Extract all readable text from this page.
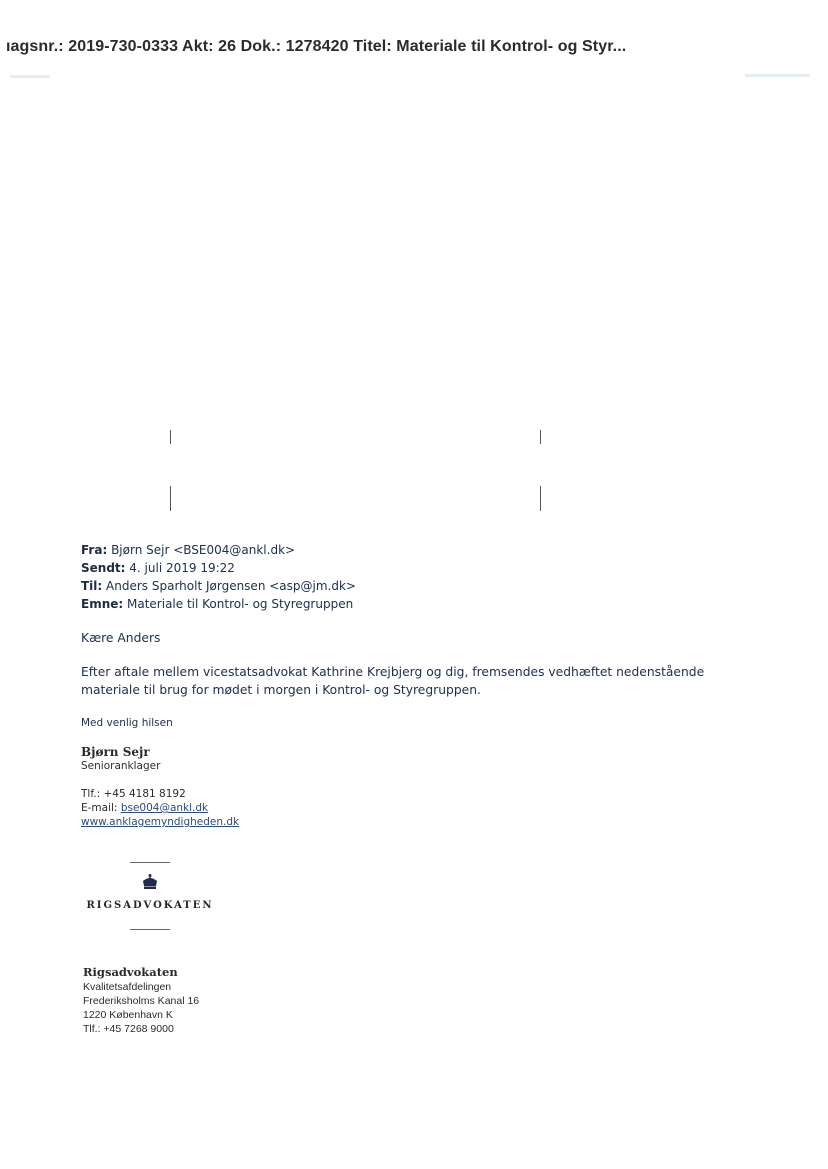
ıagsnr.: 2019-730-0333 Akt: 26 Dok.: 1278420 Titel: Materiale til Kontrol- og Styr...
Fra: Bjørn Sejr <BSE004@ankl.dk>
Sendt: 4. juli 2019 19:22
Til: Anders Sparholt Jørgensen <asp@jm.dk>
Emne: Materiale til Kontrol- og Styregruppen
Kære Anders
Efter aftale mellem vicestatsadvokat Kathrine Krejbjerg og dig, fremsendes vedhæftet nedenstående
materiale til brug for mødet i morgen i Kontrol- og Styregruppen.
Med venlig hilsen
Bjørn Sejr
Senioranklager
Tlf.: +45 4181 8192
E-mail: bse004@ankl.dk
www.anklagemyndigheden.dk
RIGSADVOKATEN
Rigsadvokaten
Kvalitetsafdelingen
Frederiksholms Kanal 16
1220 København K
Tlf.: +45 7268 9000
